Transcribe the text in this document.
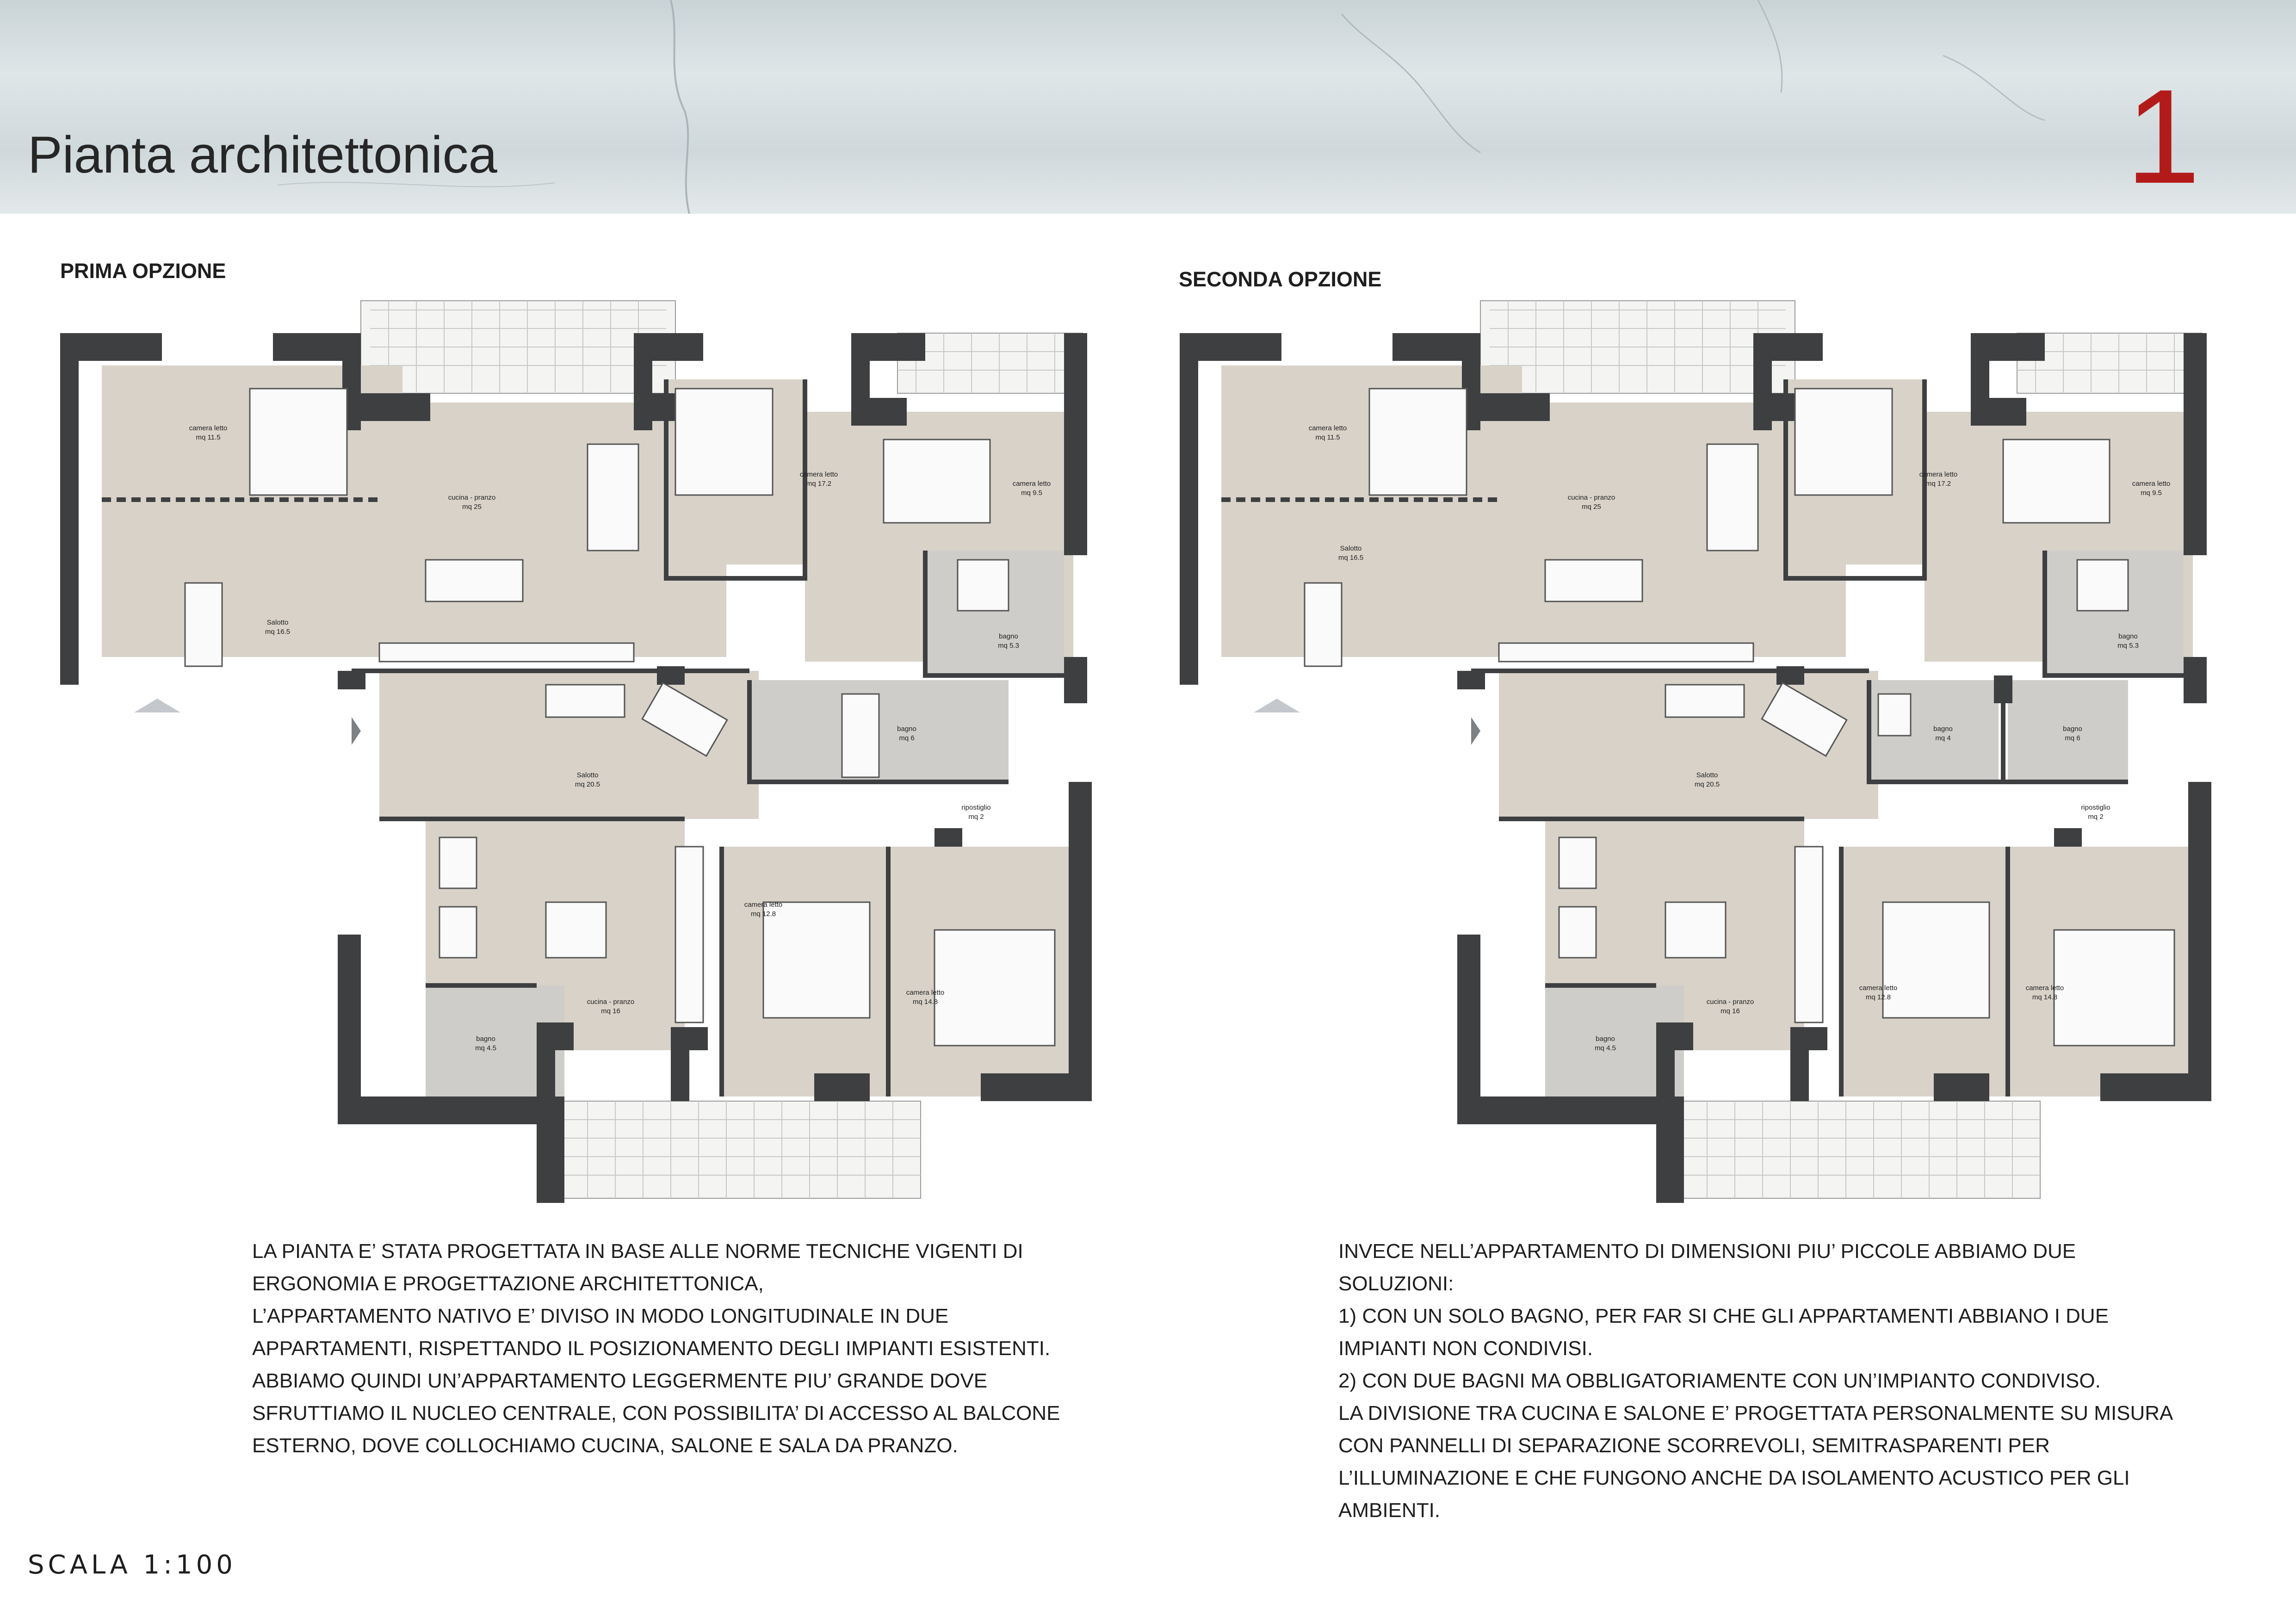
Pianta architettonica	1
PRIMA OPZIONE	SECONDA OPZIONE
camera letto
mq 11.5
cucina - pranzo
mq 25
camera letto
mq 17.2	camera letto
mq 9.5
Salotto
mq 16.5
bagno
mq 5.3
Salotto
mq 20.5
bagno
mq 6
ripostiglio
mq 2
camera letto
mq 12.8
camera letto
mq 14.8
cucina - pranzo
mq 16
bagno
mq 4.5
camera letto
mq 11.5
cucina - pranzo
mq 25
camera letto
mq 17.2	camera letto
mq 9.5
Salotto
mq 16.5
bagno
mq 5.3
Salotto
mq 20.5
bagno
mq 4
bagno
mq 6
ripostiglio
mq 2
camera letto
mq 12.8
camera letto
mq 14.8
cucina - pranzo
mq 16
bagno
mq 4.5
LA PIANTA E’ STATA PROGETTATA IN BASE ALLE NORME TECNICHE VIGENTI DI
ERGONOMIA E PROGETTAZIONE ARCHITETTONICA,
L’APPARTAMENTO NATIVO E’ DIVISO IN MODO LONGITUDINALE IN DUE
APPARTAMENTI, RISPETTANDO IL POSIZIONAMENTO DEGLI IMPIANTI ESISTENTI.
ABBIAMO QUINDI UN’APPARTAMENTO LEGGERMENTE PIU’ GRANDE DOVE
SFRUTTIAMO IL NUCLEO CENTRALE, CON POSSIBILITA’ DI ACCESSO AL BALCONE
ESTERNO, DOVE COLLOCHIAMO CUCINA, SALONE E SALA DA PRANZO.
INVECE NELL’APPARTAMENTO DI DIMENSIONI PIU’ PICCOLE ABBIAMO DUE
SOLUZIONI:
1) CON UN SOLO BAGNO, PER FAR SI CHE GLI APPARTAMENTI ABBIANO I DUE
IMPIANTI NON CONDIVISI.
2) CON DUE BAGNI MA OBBLIGATORIAMENTE CON UN’IMPIANTO CONDIVISO.
LA DIVISIONE TRA CUCINA E SALONE E’ PROGETTATA PERSONALMENTE SU MISURA
CON PANNELLI DI SEPARAZIONE SCORREVOLI, SEMITRASPARENTI PER
L’ILLUMINAZIONE E CHE FUNGONO ANCHE DA ISOLAMENTO ACUSTICO PER GLI
AMBIENTI.
SCALA 1:100
